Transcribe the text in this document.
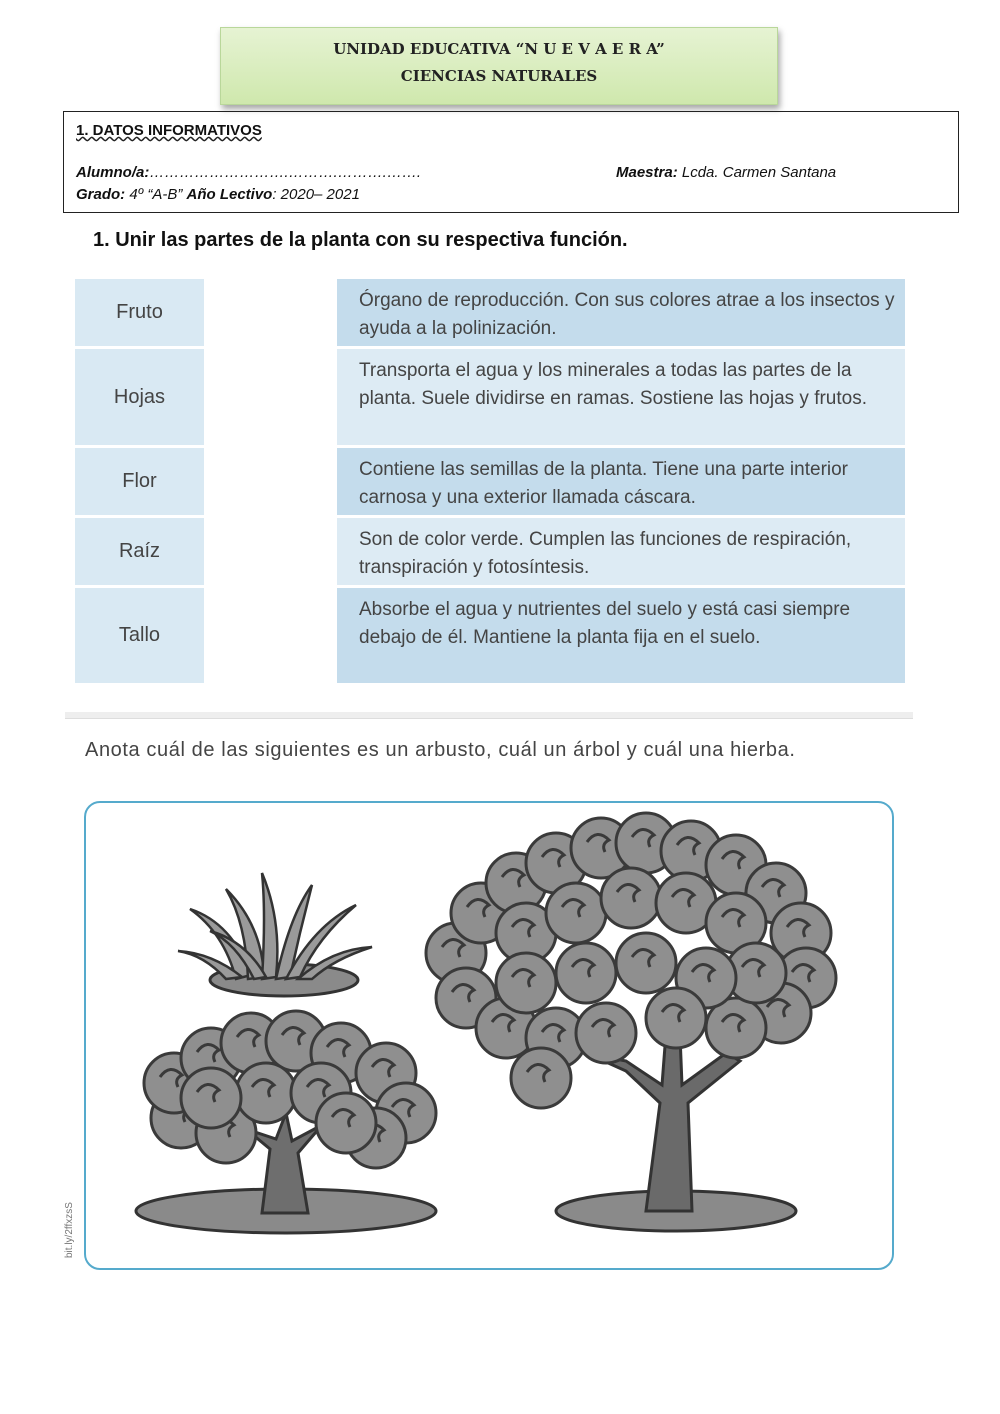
UNIDAD EDUCATIVA “N U E V A E R A”
CIENCIAS NATURALES
1. DATOS INFORMATIVOS
Alumno/a:……………………….……….……….…….	Maestra: Lcda. Carmen Santana
Grado: 4º “A-B” Año Lectivo: 2020– 2021
1. Unir las partes de la planta con su respectiva función.
Fruto
Hojas
Flor
Raíz
Tallo
Órgano de reproducción. Con sus colores atrae a los insectos y ayuda a la polinización.
Transporta el agua y los minerales a todas las partes de la planta. Suele dividirse en ramas. Sostiene las hojas y frutos.
Contiene las semillas de la planta. Tiene una parte interior carnosa y una exterior llamada cáscara.
Son de color verde. Cumplen las funciones de respiración, transpiración y fotosíntesis.
Absorbe el agua y nutrientes del suelo y está casi siempre debajo de él. Mantiene la planta fija en el suelo.
Anota cuál de las siguientes es un arbusto, cuál un árbol y cuál una hierba.
bit.ly/2ffxzsS
